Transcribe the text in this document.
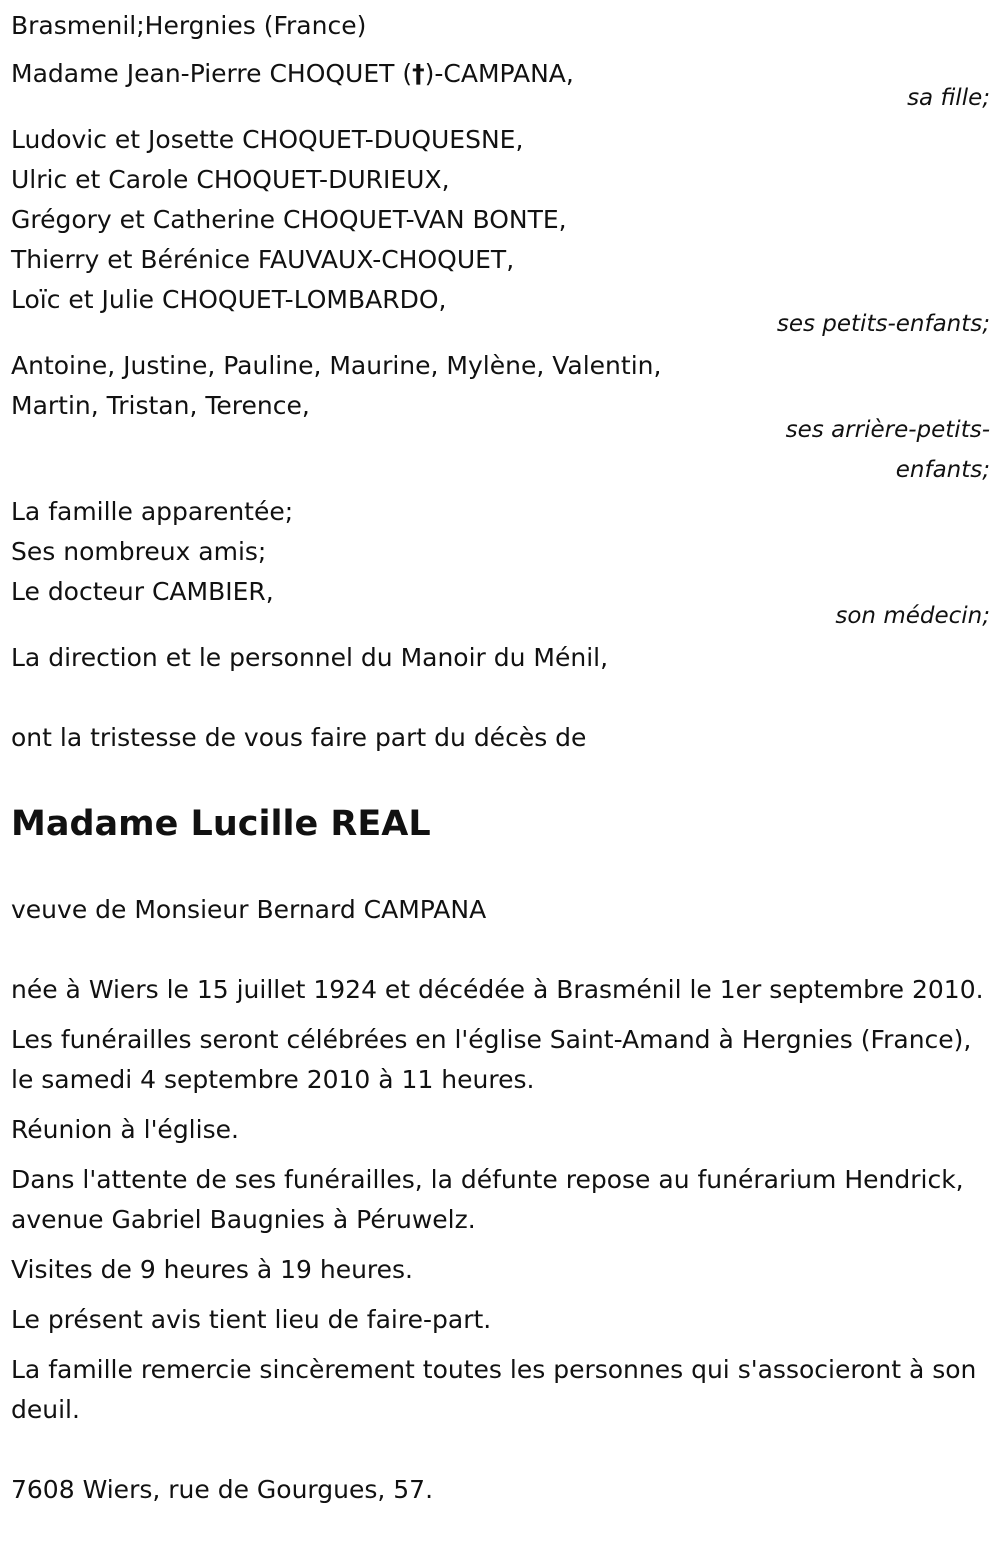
Brasmenil;Hergnies (France)
Madame Jean-Pierre CHOQUET (†)-CAMPANA,
sa fille;
Ludovic et Josette CHOQUET-DUQUESNE,
Ulric et Carole CHOQUET-DURIEUX,
Grégory et Catherine CHOQUET-VAN BONTE,
Thierry et Bérénice FAUVAUX-CHOQUET,
Loïc et Julie CHOQUET-LOMBARDO,
ses petits-enfants;
Antoine, Justine, Pauline, Maurine, Mylène, Valentin,
Martin, Tristan, Terence,
ses arrière-petits-
enfants;
La famille apparentée;
Ses nombreux amis;
Le docteur CAMBIER,
son médecin;
La direction et le personnel du Manoir du Ménil,
ont la tristesse de vous faire part du décès de
Madame Lucille REAL
veuve de Monsieur Bernard CAMPANA
née à Wiers le 15 juillet 1924 et décédée à Brasménil le 1er septembre 2010.
Les funérailles seront célébrées en l'église Saint-Amand à Hergnies (France), le samedi 4 septembre 2010 à 11 heures.
Réunion à l'église.
Dans l'attente de ses funérailles, la défunte repose au funérarium Hendrick, avenue Gabriel Baugnies à Péruwelz.
Visites de 9 heures à 19 heures.
Le présent avis tient lieu de faire-part.
La famille remercie sincèrement toutes les personnes qui s'associeront à son deuil.
7608 Wiers, rue de Gourgues, 57.
